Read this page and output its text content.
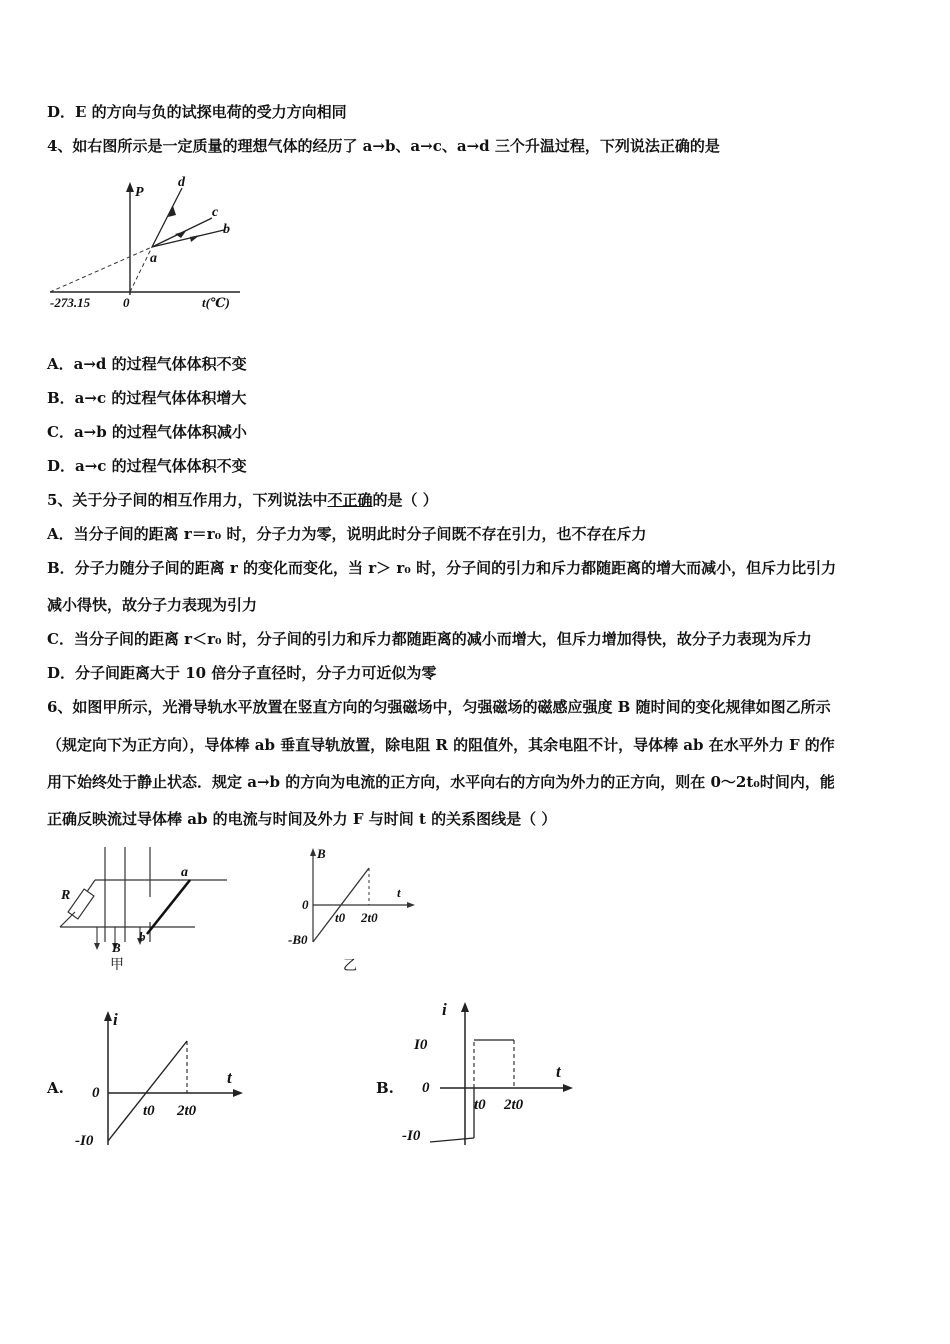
D．E 的方向与负的试探电荷的受力方向相同
4、如右图所示是一定质量的理想气体的经历了 a→b、a→c、a→d 三个升温过程，下列说法正确的是
P
d
c
b
a
-273.15	0	t(℃)
A．a→d 的过程气体体积不变
B．a→c 的过程气体体积增大
C．a→b 的过程气体体积减小
D．a→c 的过程气体体积不变
5、关于分子间的相互作用力，下列说法中不正确的是（ ）
A．当分子间的距离 r＝r₀ 时，分子力为零，说明此时分子间既不存在引力，也不存在斥力
B．分子力随分子间的距离 r 的变化而变化，当 r＞ r₀ 时，分子间的引力和斥力都随距离的增大而减小，但斥力比引力
减小得快，故分子力表现为引力
C．当分子间的距离 r＜r₀ 时，分子间的引力和斥力都随距离的减小而增大，但斥力增加得快，故分子力表现为斥力
D．分子间距离大于 10 倍分子直径时，分子力可近似为零
6、如图甲所示，光滑导轨水平放置在竖直方向的匀强磁场中，匀强磁场的磁感应强度 B 随时间的变化规律如图乙所示
（规定向下为正方向），导体棒 ab 垂直导轨放置，除电阻 R 的阻值外，其余电阻不计，导体棒 ab 在水平外力 F 的作
用下始终处于静止状态．规定 a→b 的方向为电流的正方向，水平向右的方向为外力的正方向，则在 0～2t₀时间内，能
正确反映流过导体棒 ab 的电流与时间及外力 F 与时间 t 的关系图线是（ ）
R
a
b
B
甲
B
0
t0 2t0
t
-B0
乙
A.
i
0
t
t0 2t0
-I0
B.
i
I0
0
t
t0 2t0
-I0
